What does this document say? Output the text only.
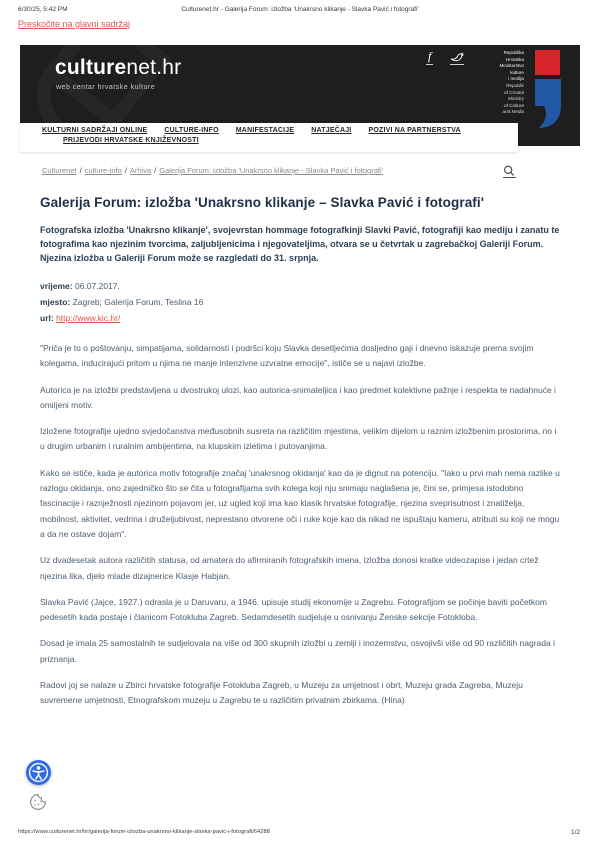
6/30/25, 5:42 PM	Culturenet.hr - Galerija Forum: izložba 'Unakrsno klikanje - Slavka Pavić i fotografi'
Preskočite na glavni sadržaj
culturenet.hr
web centar hrvatske kulture
f	Republika
Hrvatska
Ministarstvo
kulture
i medija
Republic
of Croatia
Ministry
of Culture
and Media
KULTURNI SADRŽAJI ONLINE CULTURE-INFO MANIFESTACIJE NATJEČAJI POZIVI NA PARTNERSTVA
PRIJEVODI HRVATSKE KNJIŽEVNOSTI
Culturenet / culture-info / Arhiva / Galerija Forum: izložba 'Unakrsno klikanje - Slavka Pavić i fotografi'
Galerija Forum: izložba 'Unakrsno klikanje – Slavka Pavić i fotografi'
Fotografska izložba 'Unakrsno klikanje', svojevrstan hommage fotografkinji Slavki Pavić, fotografiji kao mediju i zanatu te fotografima kao njezinim tvorcima, zaljubljenicima i njegovateljima, otvara se u četvrtak u zagrebačkoj Galeriji Forum. Njezina izložba u Galeriji Forum može se razgledati do 31. srpnja.
vrijeme: 06.07.2017.
mjesto: Zagreb; Galerija Forum, Teslina 16
url: http://www.kic.hr/

"Priča je to o poštovanju, simpatijama, solidarnosti i podršci koju Slavka desetljećima dosljedno gaji i dnevno iskazuje prema svojim kolegama, inducirajući pritom u njima ne manje intenzivne uzvratne emocije", ističe se u najavi izložbe.

Autorica je na izložbi predstavljena u dvostrukoj ulozi, kao autorica-snimateljica i kao predmet kolektivne pažnje i respekta te nadahnuće i omiljeni motiv.

Izložene fotografije ujedno svjedočanstva međusobnih susreta na različitim mjestima, velikim dijelom u raznim izložbenim prostorima, no i u drugim urbanim i ruralnim ambijentima, na klupskim izletima i putovanjima.

Kako se ističe, kada je autorica motiv fotografije značaj 'unakrsnog okidanja' kao da je dignut na potenciju. "Iako u prvi mah nema razlike u razlogu okidanja, ono zajedničko što se čita u fotografijama svih kolega koji nju snimaju naglašena je, čini se, primjesa istodobno fascinacije i raznježnosti njezinom pojavom jer, uz ugled koji ima kao klasik hrvatske fotografije, njezina sveprisutnost i znatiželja, mobilnost, aktivitet, vedrina i druželjubivost, neprestano otvorene oči i ruke koje kao da nikad ne ispuštaju kameru, atributi su koji ne mogu a da ne ostave dojam".

Uz dvadesetak autora različitih statusa, od amatera do afirmiranih fotografskih imena, izložba donosi kratke videozapise i jedan crtež njezina lika, djelo mlade dizajnerice Klasje Habjan.

Slavka Pavić (Jajce, 1927.) odrasla je u Daruvaru, a 1946. upisuje studij ekonomije u Zagrebu. Fotografijom se počinje baviti početkom pedesetih kada postaje i članicom Fotokluba Zagreb. Sedamdesetih sudjeluje u osnivanju Ženske sekcije Fotokloba.

Dosad je imala 25 samostalnih te sudjelovala na više od 300 skupnih izložbi u zemlji i inozemstvu, osvojivši više od 90 različitih nagrada i priznanja.

Radovi joj se nalaze u Zbirci hrvatske fotografije Fotokluba Zagreb, u Muzeju za umjetnost i obrt, Muzeju grada Zagreba, Muzeju suvremene umjetnosti, Etnografskom muzeju u Zagrebu te u različitim privatnim zbirkama. (Hina)

https://www.culturenet.hr/hr/galerija-forum-izlozba-unakrsno-klikanje-slavka-pavic-i-fotografi/64288	1/2
